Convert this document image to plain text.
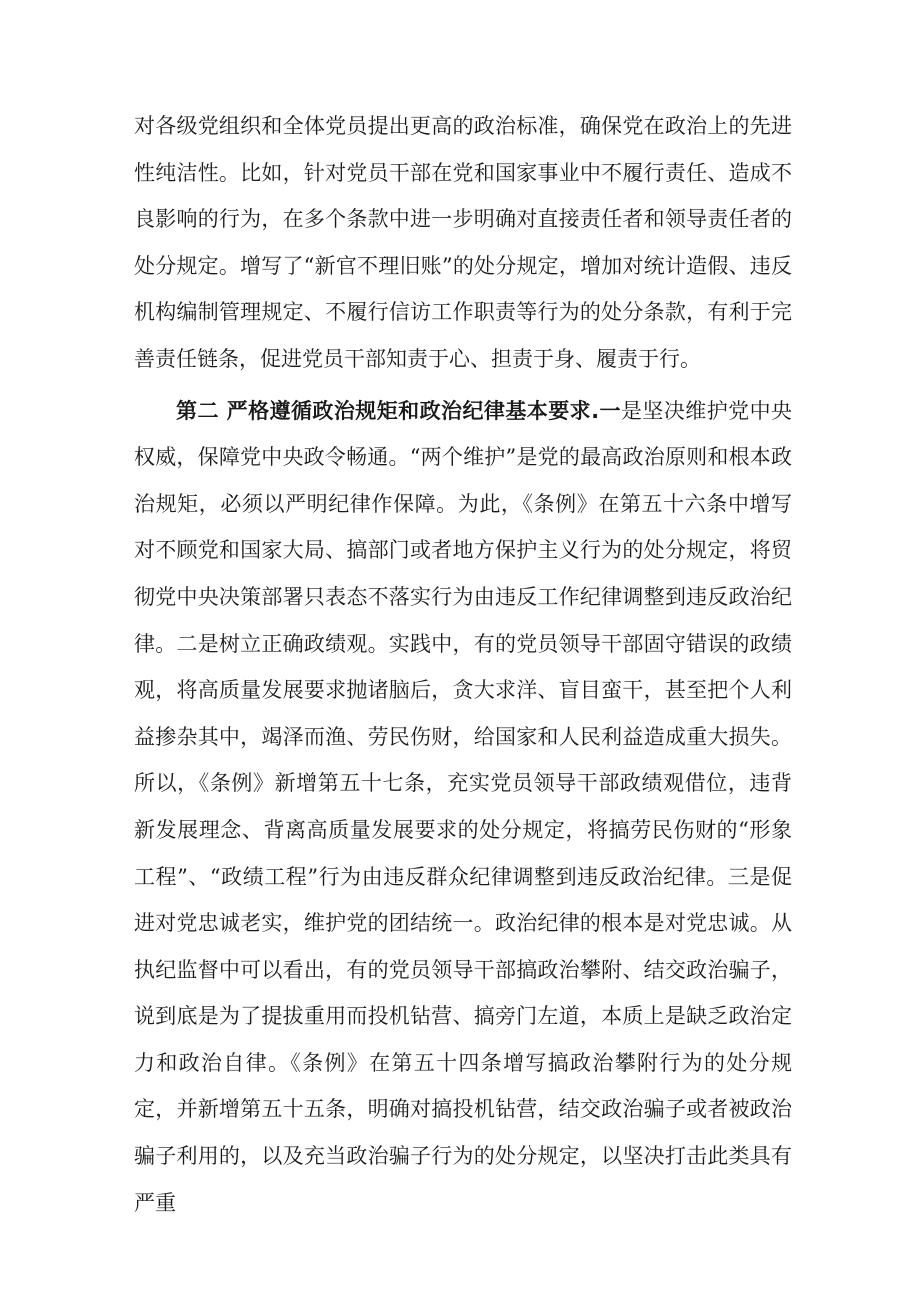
对各级党组织和全体党员提出更高的政治标准，确保党在政治上的先进性纯洁性。比如，针对党员干部在党和国家事业中不履行责任、造成不良影响的行为，在多个条款中进一步明确对直接责任者和领导责任者的处分规定。增写了“新官不理旧账”的处分规定，增加对统计造假、违反机构编制管理规定、不履行信访工作职责等行为的处分条款，有利于完善责任链条，促进党员干部知责于心、担责于身、履责于行。

第二 严格遵循政治规矩和政治纪律基本要求.一是坚决维护党中央权威，保障党中央政令畅通。“两个维护”是党的最高政治原则和根本政治规矩，必须以严明纪律作保障。为此，《条例》在第五十六条中增写对不顾党和国家大局、搞部门或者地方保护主义行为的处分规定，将贸彻党中央决策部署只表态不落实行为由违反工作纪律调整到违反政治纪律。二是树立正确政绩观。实践中，有的党员领导干部固守错误的政绩观，将高质量发展要求抛诸脑后，贪大求洋、盲目蛮干，甚至把个人利益掺杂其中，竭泽而渔、劳民伤财，给国家和人民利益造成重大损失。所以，《条例》新增第五十七条，充实党员领导干部政绩观借位，违背新发展理念、背离高质量发展要求的处分规定，将搞劳民伤财的“形象工程”、“政绩工程”行为由违反群众纪律调整到违反政治纪律。三是促进对党忠诚老实，维护党的团结统一。政治纪律的根本是对党忠诚。从执纪监督中可以看出，有的党员领导干部搞政治攀附、结交政治骗子，说到底是为了提拔重用而投机钻营、搞旁门左道，本质上是缺乏政治定力和政治自律。《条例》在第五十四条增写搞政治攀附行为的处分规定，并新增第五十五条，明确对搞投机钻营，结交政治骗子或者被政治骗子利用的，以及充当政治骗子行为的处分规定，以坚决打击此类具有严重
